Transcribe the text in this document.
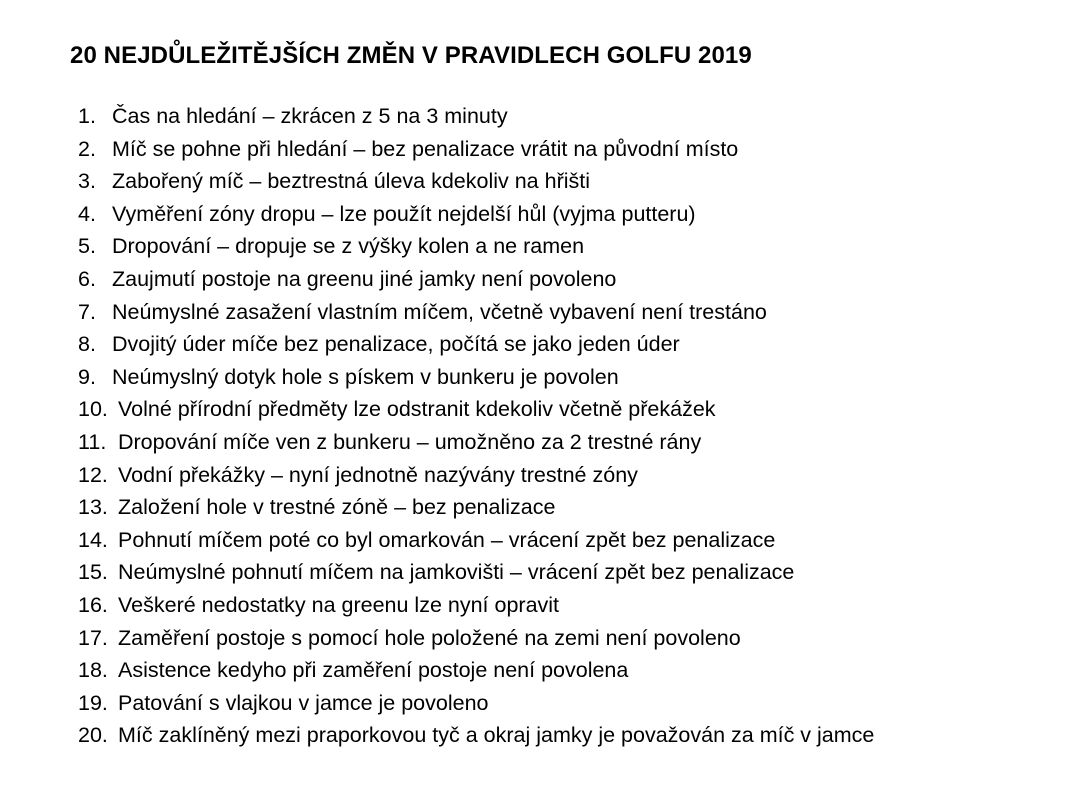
20 NEJDŮLEŽITĚJŠÍCH ZMĚN V PRAVIDLECH GOLFU 2019
1. Čas na hledání – zkrácen z 5 na 3 minuty
2. Míč se pohne při hledání – bez penalizace vrátit na původní místo
3. Zabořený míč – beztrestná úleva kdekoliv na hřišti
4. Vyměření zóny dropu – lze použít nejdelší hůl (vyjma putteru)
5. Dropování – dropuje se z výšky kolen a ne ramen
6. Zaujmutí postoje na greenu jiné jamky není povoleno
7. Neúmyslné zasažení vlastním míčem, včetně vybavení není trestáno
8. Dvojitý úder míče bez penalizace, počítá se jako jeden úder
9. Neúmyslný dotyk hole s pískem v bunkeru je povolen
10. Volné přírodní předměty lze odstranit kdekoliv včetně překážek
11. Dropování míče ven z bunkeru – umožněno za 2 trestné rány
12. Vodní překážky – nyní jednotně nazývány trestné zóny
13. Založení hole v trestné zóně – bez penalizace
14. Pohnutí míčem poté co byl omarkován – vrácení zpět bez penalizace
15. Neúmyslné pohnutí míčem na jamkovišti – vrácení zpět bez penalizace
16. Veškeré nedostatky na greenu lze nyní opravit
17. Zaměření postoje s pomocí hole položené na zemi není povoleno
18. Asistence kedyho při zaměření postoje není povolena
19. Patování s vlajkou v jamce je povoleno
20. Míč zaklíněný mezi praporkovou tyč a okraj jamky je považován za míč v jamce
